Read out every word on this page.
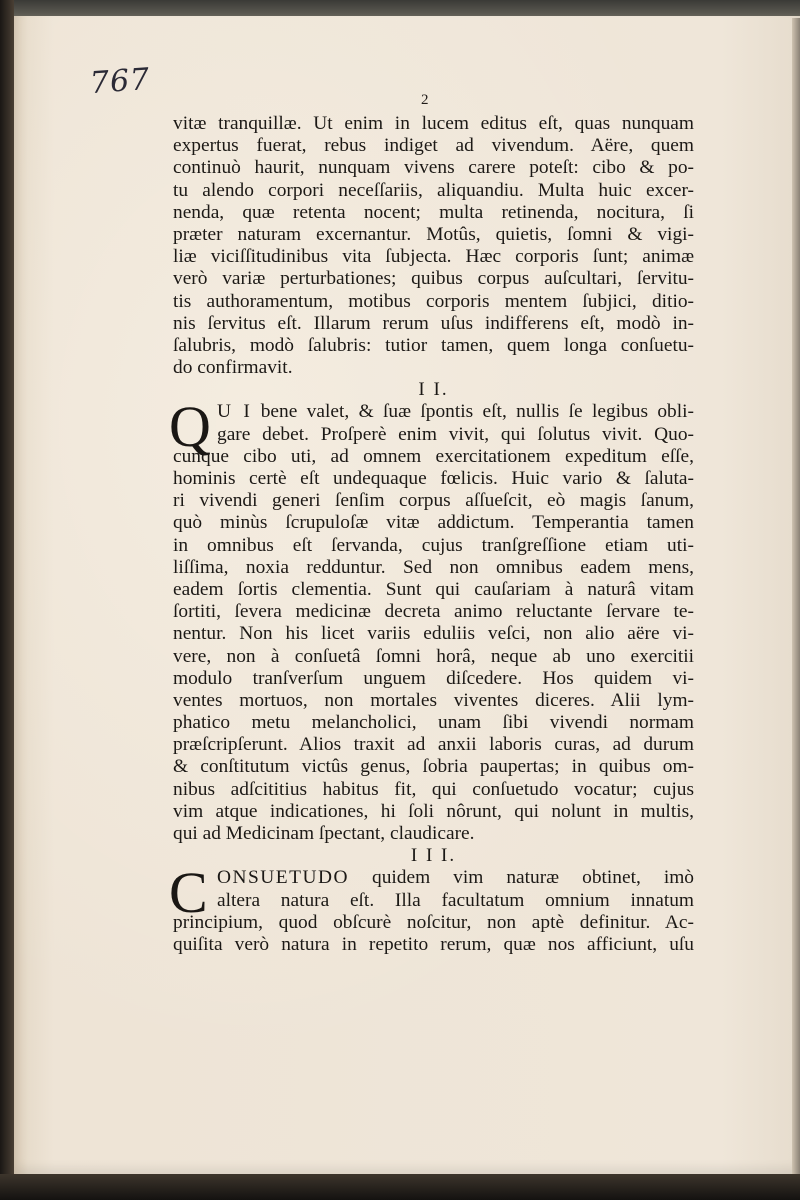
767	2
vitæ tranquillæ. Ut enim in lucem editus eſt, quas nunquam
expertus fuerat, rebus indiget ad vivendum. Aëre, quem
continuò haurit, nunquam vivens carere poteſt: cibo & po-
tu alendo corpori neceſſariis, aliquandiu. Multa huic excer-
nenda, quæ retenta nocent; multa retinenda, nocitura, ſi
præter naturam excernantur. Motûs, quietis, ſomni & vigi-
liæ viciſſitudinibus vita ſubjecta. Hæc corporis ſunt; animæ
verò variæ perturbationes; quibus corpus auſcultari, ſervitu-
tis authoramentum, motibus corporis mentem ſubjici, ditio-
nis ſervitus eſt. Illarum rerum uſus indifferens eſt, modò in-
ſalubris, modò ſalubris: tutior tamen, quem longa conſuetu-
do confirmavit.
I I.
Q U I bene valet, & ſuæ ſpontis eſt, nullis ſe legibus obli-
gare debet. Proſperè enim vivit, qui ſolutus vivit. Quo-
cunque cibo uti, ad omnem exercitationem expeditum eſſe,
hominis certè eſt undequaque fœlicis. Huic vario & ſaluta-
ri vivendi generi ſenſim corpus aſſueſcit, eò magis ſanum,
quò minùs ſcrupuloſæ vitæ addictum. Temperantia tamen
in omnibus eſt ſervanda, cujus tranſgreſſione etiam uti-
liſſima, noxia redduntur. Sed non omnibus eadem mens,
eadem ſortis clementia. Sunt qui cauſariam à naturâ vitam
ſortiti, ſevera medicinæ decreta animo reluctante ſervare te-
nentur. Non his licet variis eduliis veſci, non alio aëre vi-
vere, non à conſuetâ ſomni horâ, neque ab uno exercitii
modulo tranſverſum unguem diſcedere. Hos quidem vi-
ventes mortuos, non mortales viventes diceres. Alii lym-
phatico metu melancholici, unam ſibi vivendi normam
præſcripſerunt. Alios traxit ad anxii laboris curas, ad durum
& conſtitutum victûs genus, ſobria paupertas; in quibus om-
nibus adſcititius habitus fit, qui conſuetudo vocatur; cujus
vim atque indicationes, hi ſoli nôrunt, qui nolunt in multis,
qui ad Medicinam ſpectant, claudicare.
I I I.
C ONSUETUDO quidem vim naturæ obtinet, imò
altera natura eſt. Illa facultatum omnium innatum
principium, quod obſcurè noſcitur, non aptè definitur. Ac-
quiſita verò natura in repetito rerum, quæ nos afficiunt, uſu
